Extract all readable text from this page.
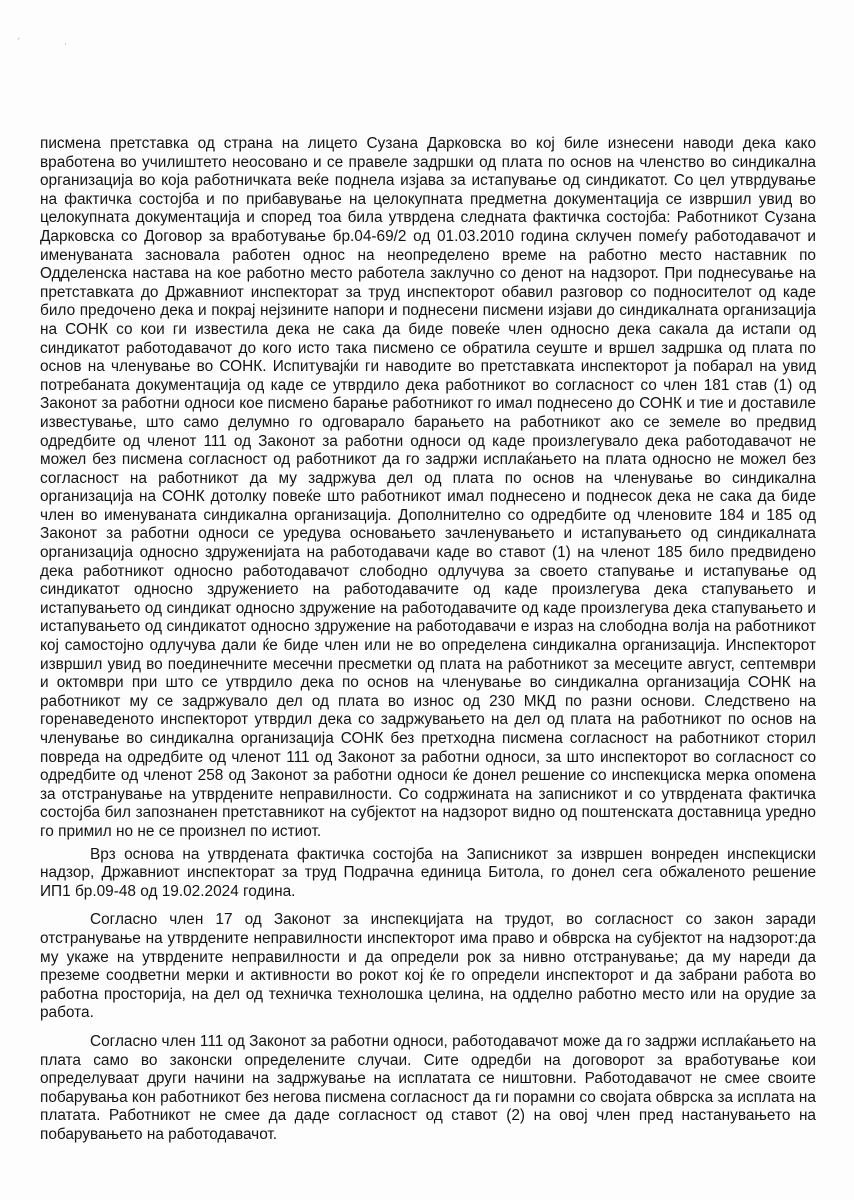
´	·

писмена претставка од страна на лицето Сузана Дарковска во кој биле изнесени наводи дека како вработена во училиштето неосовано и се правеле задршки од плата по основ на членство во синдикална организација во која работничката веќе поднела изјава за истапување од синдикатот. Со цел утврдување на фактичка состојба и по прибавување на целокупната предметна документација се извршил увид во целокупната документација и според тоа била утврдена следната фактичка состојба: Работникот Сузана Дарковска со Договор за вработување бр.04-69/2 од 01.03.2010 година склучен помеѓу работодавачот и именуваната засновала работен однос на неопределено време на работно место наставник по Одделенска настава на кое работно место работела заклучно со денот на надзорот. При поднесување на претставката до Државниот инспекторат за труд инспекторот обавил разговор со подносителот од каде било предочено дека и покрај нејзините напори и поднесени писмени изјави до синдикалната организација на СОНК со кои ги известила дека не сака да биде повеќе член односно дека сакала да истапи од синдикатот работодавачот до кого исто така писмено се обратила сеуште и вршел задршка од плата по основ на членување во СОНК. Испитувајќи ги наводите во претставката инспекторот ја побарал на увид потребаната документација од каде се утврдило дека работникот во согласност со член 181 став (1) од Законот за работни односи кое писмено барање работникот го имал поднесено до СОНК и тие и доставиле известување, што само делумно го одговарало барањето на работникот ако се земеле во предвид одредбите од членот 111 од Законот за работни односи од каде произлегувало дека работодавачот не можел без писмена согласност од работникот да го задржи исплаќањето на плата односно не можел без согласност на работникот да му задржува дел од плата по основ на членување во синдикална организација на СОНК дотолку повеќе што работникот имал поднесено и поднесок дека не сака да биде член во именуваната синдикална организација. Дополнително со одредбите од членовите 184 и 185 од Законот за работни односи се уредува основањето зачленувањето и истапувањето од синдикалната организација односно здружениjата на работодавачи каде во ставот (1) на членот 185 било предвидено дека работникот односно работодавачот слободно одлучува за своето стапување и истапување од синдикатот односно здружението на работодавачите од каде произлегува дека стапувањето и истапувањето од синдикат односно здружение на работодавачите од каде произлегува дека стапувањето и истапувањето од синдикатот односно здружение на работодавачи е израз на слободна волја на работникот кој самостојно одлучува дали ќе биде член или не во определена синдикална организација. Инспекторот извршил увид во поединечните месечни пресметки од плата на работникот за месеците август, септември и октомври при што се утврдило дека по основ на членување во синдикална организација СОНК на работникот му се задржувало дел од плата во износ од 230 МКД по разни основи. Следствено на горенаведеното инспекторот утврдил дека со задржувањето на дел од плата на работникот по основ на членување во синдикална организација СОНК без претходна писмена согласност на работникот сторил повреда на одредбите од членот 111 од Законот за работни односи, за што инспекторот во согласност со одредбите од членот 258 од Законот за работни односи ќе донел решение со инспекциска мерка опомена за отстранување на утврдените неправилности. Со содржината на записникот и со утврдената фактичка состојба бил запознанен претставникот на субјектот на надзорот видно од поштенската доставница уредно го примил но не се произнел по истиот.

Врз основа на утврдената фактичка состојба на Записникот за извршен вонреден инспекциски надзор, Државниот инспекторат за труд Подрачна единица Битола, го донел сега обжаленото решение ИП1 бр.09-48 од 19.02.2024 година.

Согласно член 17 од Законот за инспекцијата на трудот, во согласност со закон заради отстранување на утврдените неправилности инспекторот има право и обврска на субјектот на надзорот:да му укаже на утврдените неправилности и да определи рок за нивно отстранување; да му нареди да преземе соодветни мерки и активности во рокот кој ќе го определи инспекторот и да забрани работа во работна просторија, на дел од техничка технолошка целина, на одделно работно место или на орудие за работа.

Согласно член 111 од Законот за работни односи, работодавачот може да го задржи исплаќањето на плата само во законски определените случаи. Сите одредби на договорот за вработување кои определуваат други начини на задржување на исплатата се ништовни. Работодавачот не смее своите побарувања кон работникот без негова писмена согласност да ги порамни со својата обврска за исплата на платата. Работникот не смее да даде согласност од ставот (2) на овој член пред настанувањето на побарувањето на работодавачот.
